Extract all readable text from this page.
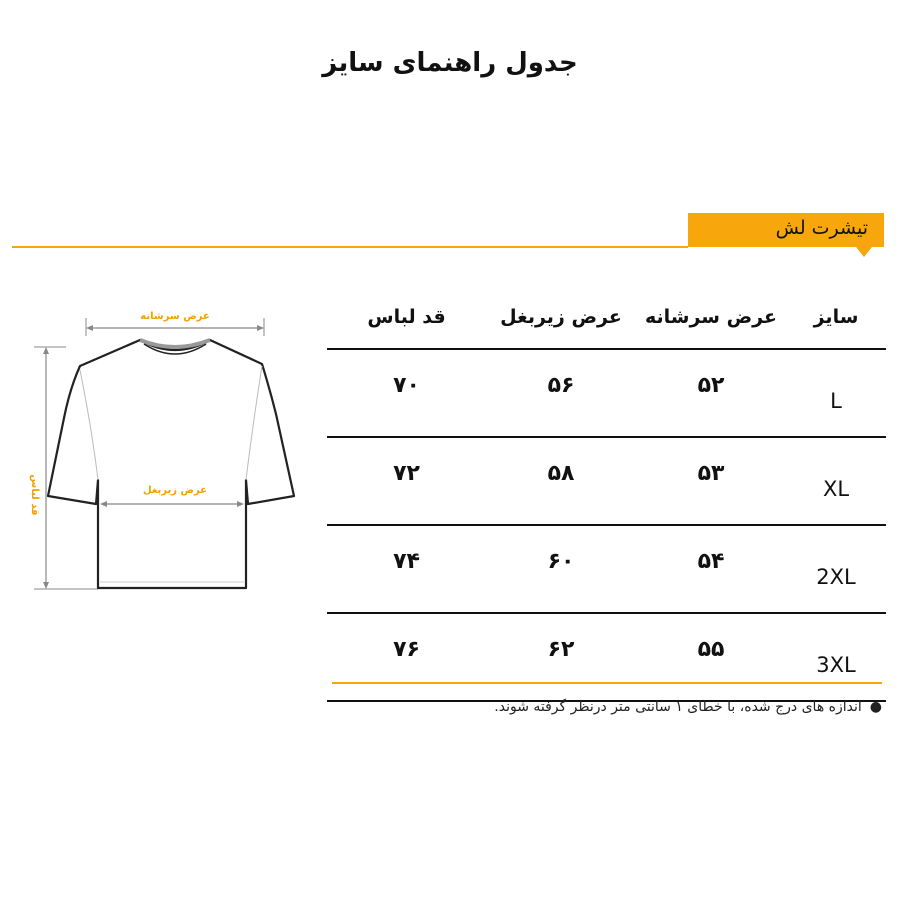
جدول راهنمای سایز
تیشرت لش
عرض سرشانه
قد لباس	عرض زیربغل
سایز	عرض سرشانه	عرض زیربغل	قد لباس
L	۵۲	۵۶	۷۰
XL	۵۳	۵۸	۷۲
2XL	۵۴	۶۰	۷۴
3XL	۵۵	۶۲	۷۶
●اندازه های درج شده، با خطای ۱ سانتی متر درنظر گرفته شوند.
